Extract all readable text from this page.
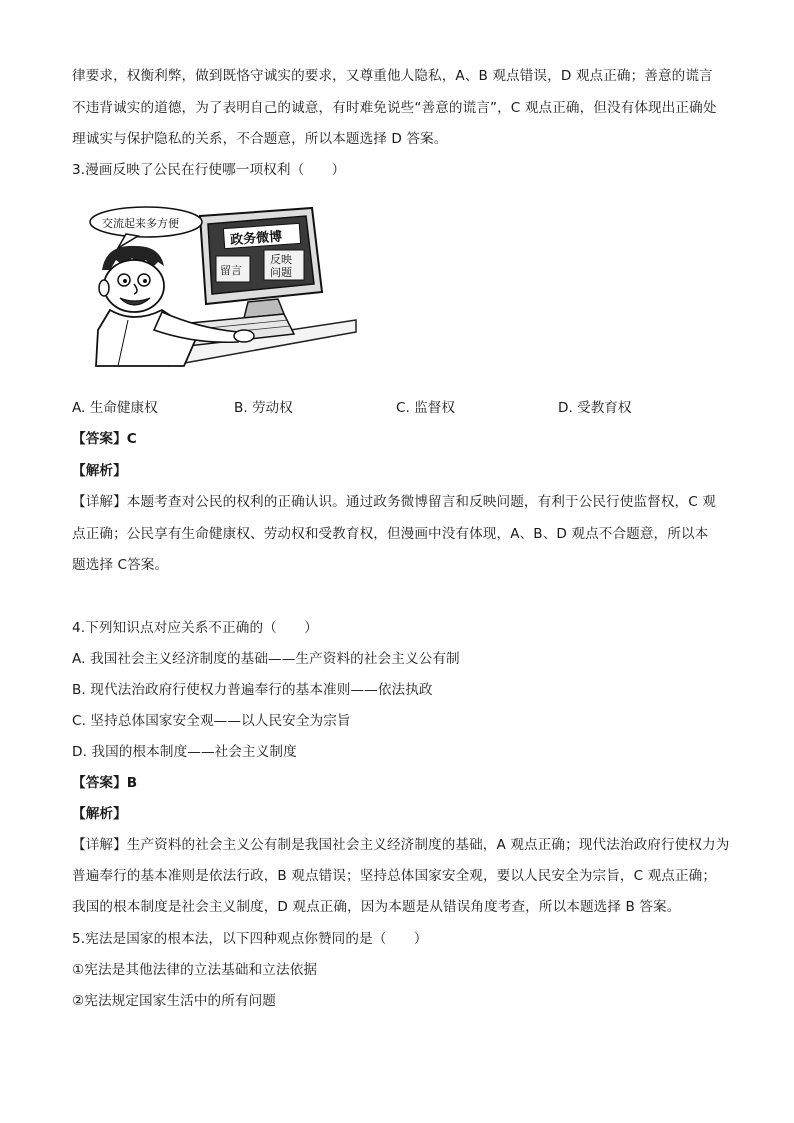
律要求，权衡利弊，做到既恪守诚实的要求，又尊重他人隐私，A、B 观点错误，D 观点正确；善意的谎言
不违背诚实的道德，为了表明自己的诚意，有时难免说些“善意的谎言”，C 观点正确，但没有体现出正确处
理诚实与保护隐私的关系，不合题意，所以本题选择 D 答案。
3.漫画反映了公民在行使哪一项权利（　　）
政务微博
留言
反映
问题
交流起来多方便
A. 生命健康权	B. 劳动权	C. 监督权	D. 受教育权
【答案】C
【解析】
【详解】本题考查对公民的权利的正确认识。通过政务微博留言和反映问题，有利于公民行使监督权，C 观
点正确；公民享有生命健康权、劳动权和受教育权，但漫画中没有体现，A、B、D 观点不合题意，所以本
题选择 C答案。
4.下列知识点对应关系不正确的（　　）
A. 我国社会主义经济制度的基础——生产资料的社会主义公有制
B. 现代法治政府行使权力普遍奉行的基本准则——依法执政
C. 坚持总体国家安全观——以人民安全为宗旨
D. 我国的根本制度——社会主义制度
【答案】B
【解析】
【详解】生产资料的社会主义公有制是我国社会主义经济制度的基础，A 观点正确；现代法治政府行使权力为
普遍奉行的基本准则是依法行政，B 观点错误；坚持总体国家安全观，要以人民安全为宗旨，C 观点正确；
我国的根本制度是社会主义制度，D 观点正确，因为本题是从错误角度考查，所以本题选择 B 答案。
5.宪法是国家的根本法，以下四种观点你赞同的是（　　）
①宪法是其他法律的立法基础和立法依据
②宪法规定国家生活中的所有问题
